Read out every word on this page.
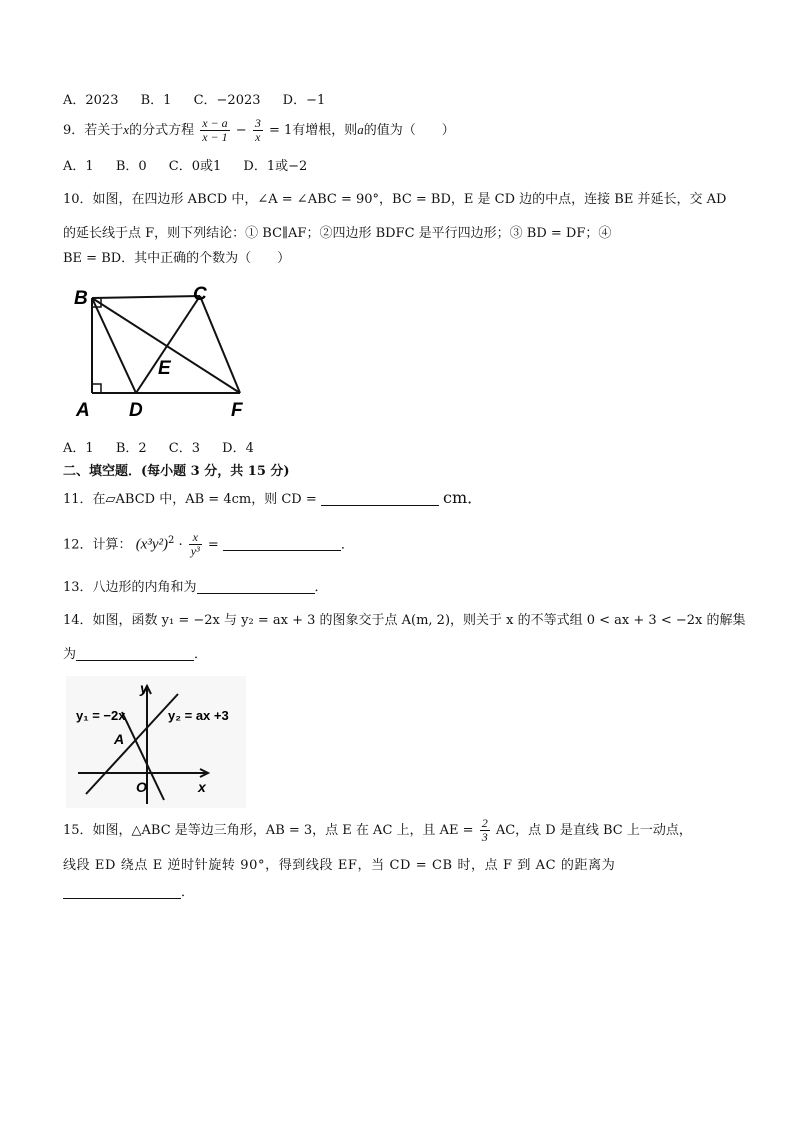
A．2023 B．1 C．−2023 D．−1
9．若关于x的分式方程 $\frac{x - a}{x - 1} - \frac{3}{x} = 1$有增根，则a的值为（　　）
A．1 B．0 C．0或1 D．1或−2
10．如图，在四边形 ABCD 中，∠A = ∠ABC = 90°，BC = BD，E 是 CD 边的中点，连接 BE 并延长，交 AD
的延长线于点 F，则下列结论：① BC∥AF；②四边形 BDFC 是平行四边形；③ BD = DF；④
BE = BD．其中正确的个数为（　　）
B	C
E
A D	F
A．1 B．2 C．3 D．4
二、填空题．(每小题 3 分，共 15 分)
11．在▱ABCD 中，AB = 4cm，则 CD =	cm．
12．计算： $(x^3y^2)^2 \cdot \frac{x}{\text{y³}}$ =	．
13．八边形的内角和为	．
14．如图，函数 y₁ = −2x 与 y₂ = ax + 3 的图象交于点 A(m, 2)，则关于 x 的不等式组 0 < ax + 3 < −2x 的解集
为	．
y
y₁ = −2x	y₂ = ax +3
A
O	x
15．如图，△ABC 是等边三角形，AB = 3，点 E 在 AC 上，且 AE = $\frac{2}{3}$ AC，点 D 是直线 BC 上一动点，
线段 ED 绕点 E 逆时针旋转 90°，得到线段 EF，当 CD = CB 时，点 F 到 AC 的距离为
．
